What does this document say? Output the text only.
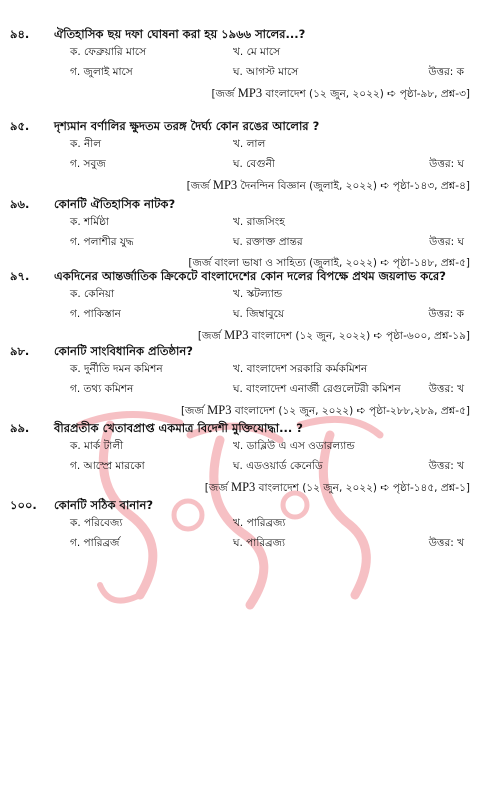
৯৪. ঐতিহাসিক ছয় দফা ঘোষনা করা হয় ১৯৬৬ সালের...?
ক. ফেব্রুয়ারি মাসে	খ. মে মাসে
গ. জুলাই মাসে	ঘ. আগস্ট মাসে	উত্তর: ক
[জর্জ MP3 বাংলাদেশ (১২ জুন, ২০২২) ➪ পৃষ্ঠা-৯৮, প্রশ্ন-৩]
৯৫. দৃশ্যমান বর্ণালির ক্ষুদতম তরঙ্গ দৈর্ঘ্য কোন রঙের আলোর ?
ক. নীল	খ. লাল
গ. সবুজ	ঘ. বেগুনী	উত্তর: ঘ
[জর্জ MP3 দৈনন্দিন বিজ্ঞান (জুলাই, ২০২২) ➪ পৃষ্ঠা-১৪৩, প্রশ্ন-৪]
৯৬. কোনটি ঐতিহাসিক নাটক?
ক. শর্মিষ্ঠা	খ. রাজসিংহ
গ. পলাশীর যুদ্ধ	ঘ. রক্তাক্ত প্রান্তর	উত্তর: ঘ
[জর্জ বাংলা ভাষা ও সাহিত্য (জুলাই, ২০২২) ➪ পৃষ্ঠা-১৪৮, প্রশ্ন-৫]
৯৭. একদিনের আন্তর্জাতিক ক্রিকেটে বাংলাদেশের কোন দলের বিপক্ষে প্রথম জয়লাভ করে?
ক. কেনিয়া	খ. স্কটল্যান্ড
গ. পাকিস্তান	ঘ. জিম্বাবুয়ে	উত্তর: ক
[জর্জ MP3 বাংলাদেশ (১২ জুন, ২০২২) ➪ পৃষ্ঠা-৬০০, প্রশ্ন-১৯]
৯৮. কোনটি সাংবিধানিক প্রতিষ্ঠান?
ক. দুর্নীতি দমন কমিশন	খ. বাংলাদেশ সরকারি কর্মকমিশন
গ. তথ্য কমিশন	ঘ. বাংলাদেশ এনার্জী রেগুলেটরী কমিশন	উত্তর: খ
[জর্জ MP3 বাংলাদেশ (১২ জুন, ২০২২) ➪ পৃষ্ঠা-২৮৮,২৮৯, প্রশ্ন-৫]
৯৯. বীরপ্রতীক খেতাবপ্রাপ্ত একমাত্র বিদেশী মুক্তিযোদ্ধা... ?
ক. মার্ক টালী	খ. ডাব্লিউ এ এস ওডারল্যান্ড
গ. আস্প্রে মারকো	ঘ. এডওয়ার্ড কেনেডি	উত্তর: খ
[জর্জ MP3 বাংলাদেশ (১২ জুন, ২০২২) ➪ পৃষ্ঠা-১৪৫, প্রশ্ন-১]
১০০. কোনটি সঠিক বানান?
ক. পরিবেজ্য	খ. পারিব্রজ্য
গ. পারিব্রর্জ	ঘ. পারিব্রজ্য	উত্তর: খ
